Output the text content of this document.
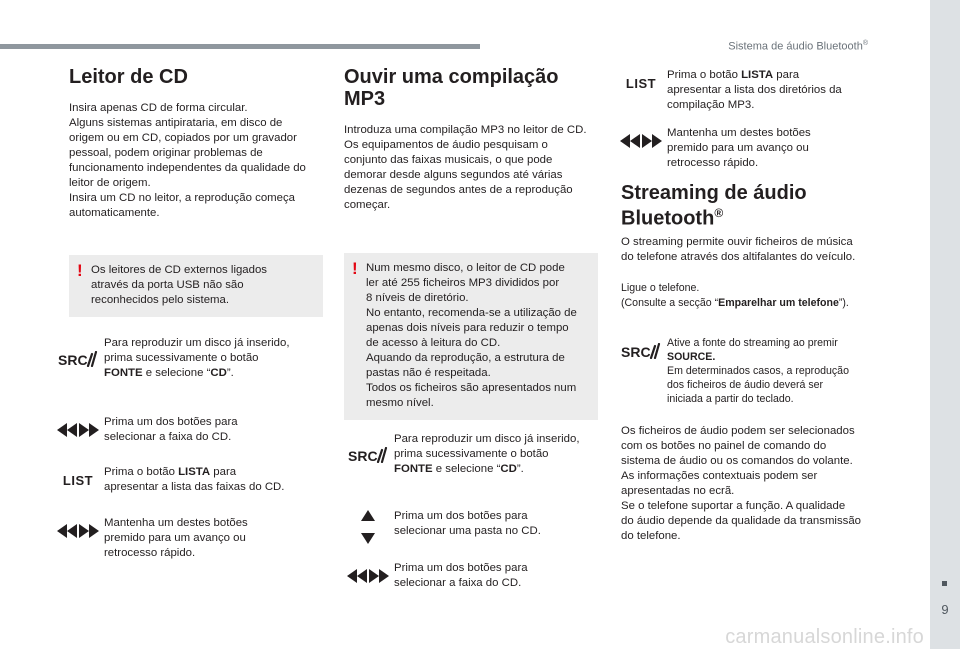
Sistema de áudio Bluetooth®
9
carmanualsonline.info
Leitor de CD
Insira apenas CD de forma circular.
Alguns sistemas antipirataria, em disco de
origem ou em CD, copiados por um gravador
pessoal, podem originar problemas de
funcionamento independentes da qualidade do
leitor de origem.
Insira um CD no leitor, a reprodução começa
automaticamente.
! Os leitores de CD externos ligados
através da porta USB não são
reconhecidos pelo sistema.
SRC
Para reproduzir um disco já inserido,
prima sucessivamente o botão
FONTE e selecione “CD”.
Prima um dos botões para
selecionar a faixa do CD.
LIST
Prima o botão LISTA para
apresentar a lista das faixas do CD.
Mantenha um destes botões
premido para um avanço ou
retrocesso rápido.
Ouvir uma compilação MP3
Introduza uma compilação MP3 no leitor de CD.
Os equipamentos de áudio pesquisam o
conjunto das faixas musicais, o que pode
demorar desde alguns segundos até várias
dezenas de segundos antes de a reprodução
começar.
! Num mesmo disco, o leitor de CD pode
ler até 255 ficheiros MP3 divididos por
8 níveis de diretório.
No entanto, recomenda-se a utilização de
apenas dois níveis para reduzir o tempo
de acesso à leitura do CD.
Aquando da reprodução, a estrutura de
pastas não é respeitada.
Todos os ficheiros são apresentados num
mesmo nível.
SRC
Para reproduzir um disco já inserido,
prima sucessivamente o botão
FONTE e selecione “CD”.
Prima um dos botões para
selecionar uma pasta no CD.
Prima um dos botões para
selecionar a faixa do CD.
LIST
Prima o botão LISTA para
apresentar a lista dos diretórios da
compilação MP3.
Mantenha um destes botões
premido para um avanço ou
retrocesso rápido.
Streaming de áudio
Bluetooth®
O streaming permite ouvir ficheiros de música
do telefone através dos altifalantes do veículo.
Ligue o telefone.
(Consulte a secção “Emparelhar um telefone”).
SRC
Ative a fonte do streaming ao premir
SOURCE.
Em determinados casos, a reprodução
dos ficheiros de áudio deverá ser
iniciada a partir do teclado.
Os ficheiros de áudio podem ser selecionados
com os botões no painel de comando do
sistema de áudio ou os comandos do volante.
As informações contextuais podem ser
apresentadas no ecrã.
Se o telefone suportar a função. A qualidade
do áudio depende da qualidade da transmissão
do telefone.
